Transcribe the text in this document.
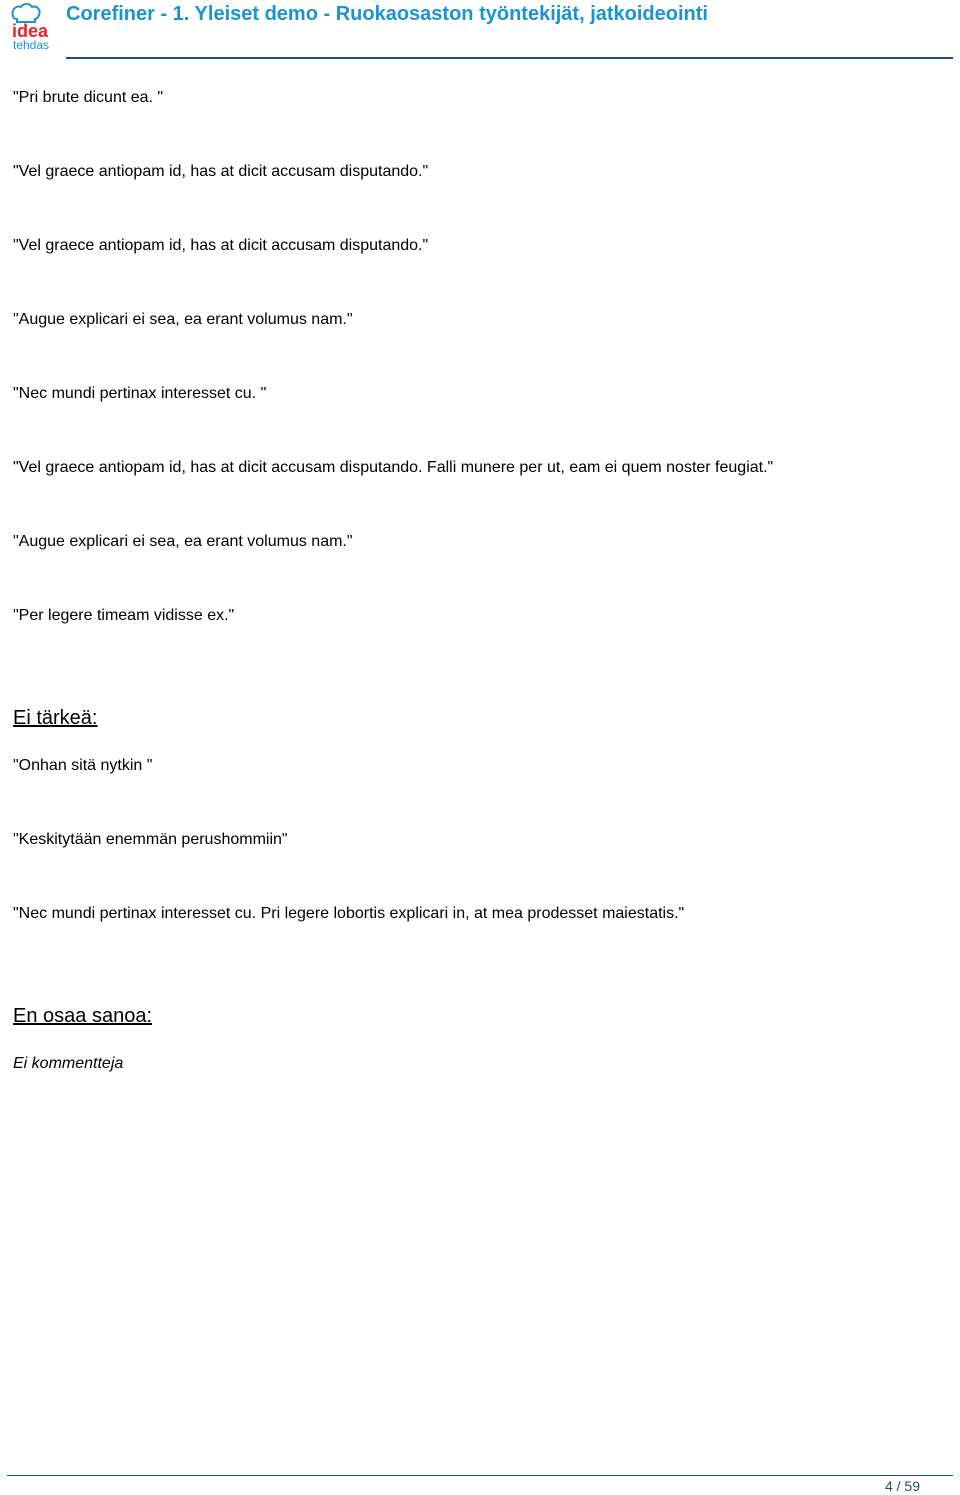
idea
tehdas
Corefiner - 1. Yleiset demo - Ruokaosaston työntekijät, jatkoideointi

"Pri brute dicunt ea. "

"Vel graece antiopam id, has at dicit accusam disputando."

"Vel graece antiopam id, has at dicit accusam disputando."

"Augue explicari ei sea, ea erant volumus nam."

"Nec mundi pertinax interesset cu. "

"Vel graece antiopam id, has at dicit accusam disputando. Falli munere per ut, eam ei quem noster feugiat."

"Augue explicari ei sea, ea erant volumus nam."

"Per legere timeam vidisse ex."

Ei tärkeä:

"Onhan sitä nytkin "

"Keskitytään enemmän perushommiin"

"Nec mundi pertinax interesset cu. Pri legere lobortis explicari in, at mea prodesset maiestatis."

En osaa sanoa:

Ei kommentteja

4 / 59
